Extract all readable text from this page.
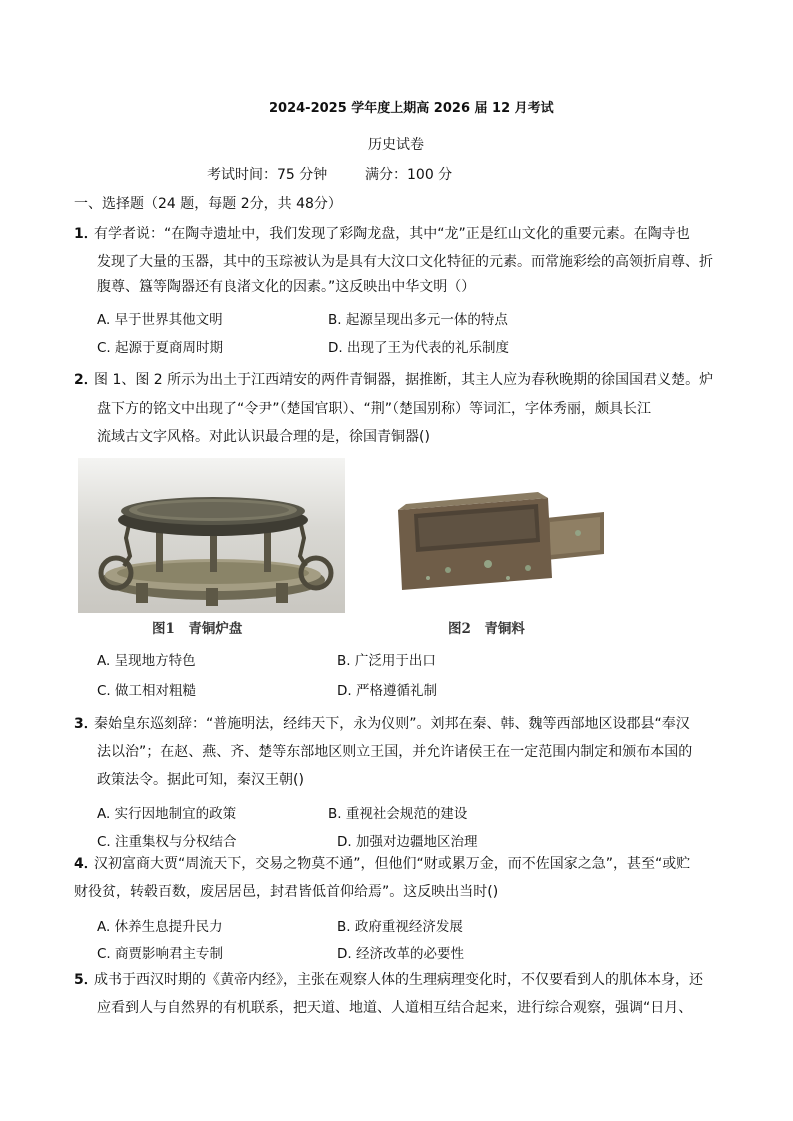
2024-2025 学年度上期高 2026 届 12 月考试
历史试卷
考试时间：75 分钟	满分：100 分
一、选择题（24 题，每题 2分，共 48分）
1．
有学者说：“在陶寺遗址中，我们发现了彩陶龙盘，其中“龙”正是红山文化的重要元素。在陶寺也
发现了大量的玉器，其中的玉琮被认为是具有大汶口文化特征的元素。而常施彩绘的高领折肩尊、折
腹尊、簋等陶器还有良渚文化的因素。”这反映出中华文明（）
A. 早于世界其他文明	B. 起源呈现出多元一体的特点
C. 起源于夏商周时期	D. 出现了王为代表的礼乐制度
2．
图 1、图 2 所示为出土于江西靖安的两件青铜器，据推断，其主人应为春秋晚期的徐国国君义楚。炉
盘下方的铭文中出现了“令尹”（楚国官职）、“荆”（楚国别称）等词汇，字体秀丽，颇具长江
流域古文字风格。对此认识最合理的是，徐国青铜器()
图1　青铜炉盘	图2　青铜料
A. 呈现地方特色	B. 广泛用于出口
C. 做工相对粗糙	D. 严格遵循礼制
3．
秦始皇东巡刻辞：“普施明法，经纬天下，永为仪则”。刘邦在秦、韩、魏等西部地区设郡县“奉汉
法以治”；在赵、燕、齐、楚等东部地区则立王国，并允许诸侯王在一定范围内制定和颁布本国的
政策法令。据此可知，秦汉王朝()
A. 实行因地制宜的政策	B. 重视社会规范的建设
C. 注重集权与分权结合	D. 加强对边疆地区治理
4．
汉初富商大贾“周流天下，交易之物莫不通”，但他们“财或累万金，而不佐国家之急”，甚至“或贮
财役贫，转毂百数，废居居邑，封君皆低首仰给焉”。这反映出当时()
A. 休养生息提升民力	B. 政府重视经济发展
C. 商贾影响君主专制	D. 经济改革的必要性
5．
成书于西汉时期的《黄帝内经》，主张在观察人体的生理病理变化时，不仅要看到人的肌体本身，还
应看到人与自然界的有机联系，把天道、地道、人道相互结合起来，进行综合观察，强调“日月、
